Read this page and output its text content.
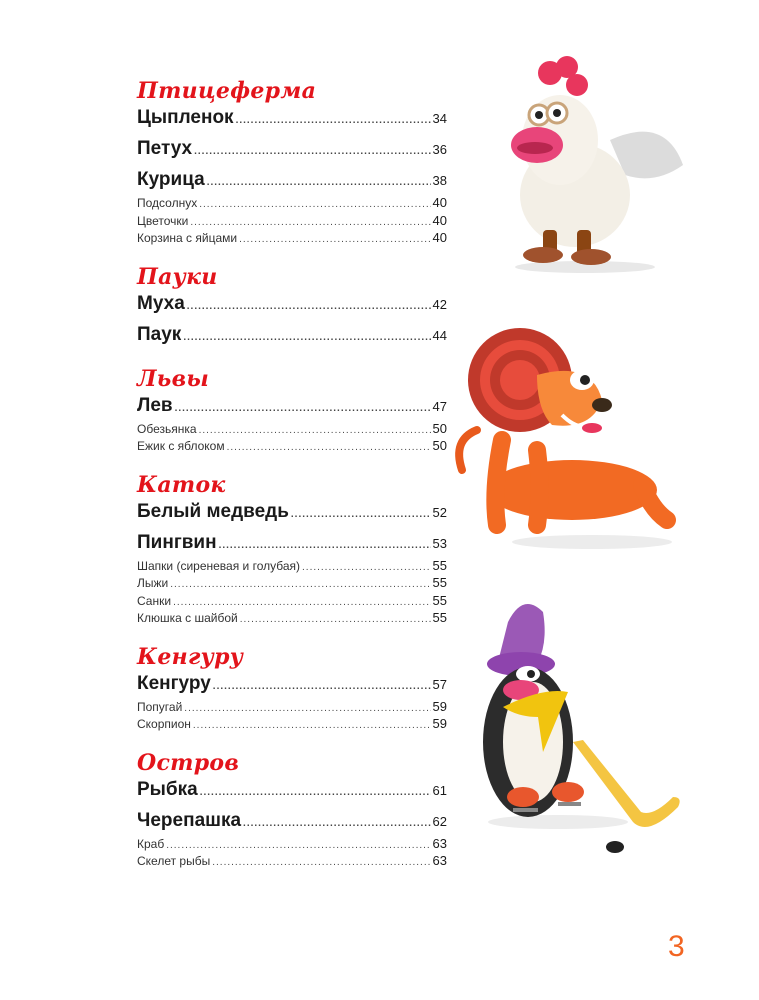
Птицеферма
Цыпленок .....	34
Петух .....	36
Курица .....	38
Подсолнух .....	40
Цветочки .....	40
Корзина с яйцами .....	40
Пауки
Муха .....	42
Паук .....	44
Львы
Лев .....	47
Обезьянка .....	50
Ежик с яблоком .....	50
Каток
Белый медведь .....	52
Пингвин .....	53
Шапки (сиреневая и голубая) .....	55
Лыжи .....	55
Санки .....	55
Клюшка с шайбой .....	55
Кенгуру
Кенгуру .....	57
Попугай .....	59
Скорпион .....	59
Остров
Рыбка .....	61
Черепашка .....	62
Краб .....	63
Скелет рыбы .....	63
3
